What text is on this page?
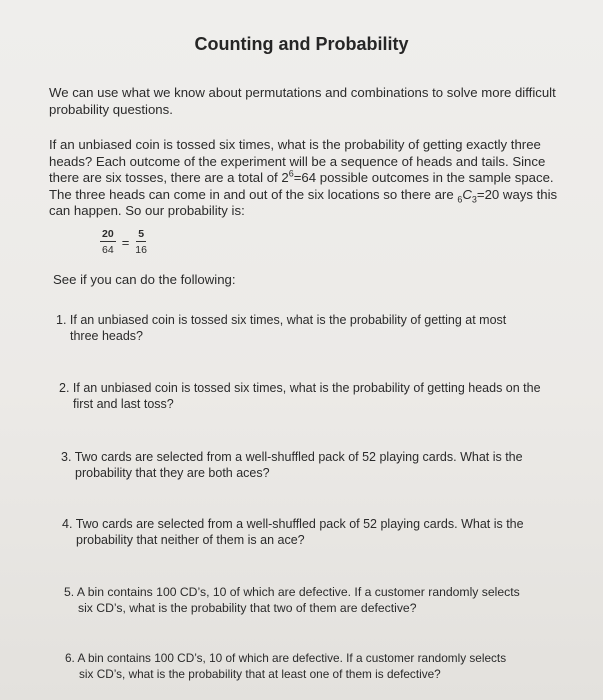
Counting and Probability

We can use what we know about permutations and combinations to solve more difficult probability questions.

If an unbiased coin is tossed six times, what is the probability of getting exactly three
heads? Each outcome of the experiment will be a sequence of heads and tails. Since
there are six tosses, there are a total of $2^6=64$ possible outcomes in the sample space.
The three heads can come in and out of the six locations so there are $_6C_3=20$ ways this
can happen. So our probability is:

$\frac{20}{64} = \frac{5}{16}$

See if you can do the following:

1. If an unbiased coin is tossed six times, what is the probability of getting at most
three heads?

2. If an unbiased coin is tossed six times, what is the probability of getting heads on the
first and last toss?

3. Two cards are selected from a well-shuffled pack of 52 playing cards. What is the
probability that they are both aces?

4. Two cards are selected from a well-shuffled pack of 52 playing cards. What is the
probability that neither of them is an ace?

5. A bin contains 100 CD’s, 10 of which are defective. If a customer randomly selects
six CD’s, what is the probability that two of them are defective?

6. A bin contains 100 CD’s, 10 of which are defective. If a customer randomly selects
six CD’s, what is the probability that at least one of them is defective?
